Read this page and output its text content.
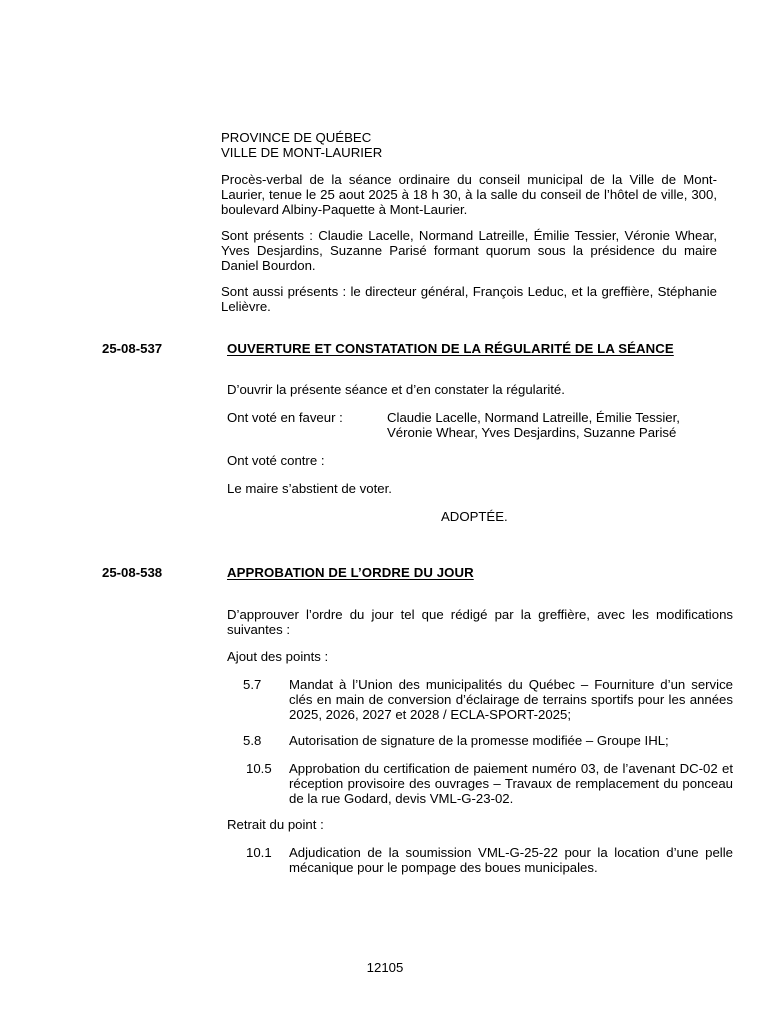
PROVINCE DE QUÉBEC
VILLE DE MONT-LAURIER

Procès-verbal de la séance ordinaire du conseil municipal de la Ville de Mont-Laurier, tenue le 25 aout 2025 à 18 h 30, à la salle du conseil de l’hôtel de ville, 300, boulevard Albiny-Paquette à Mont-Laurier.

Sont présents : Claudie Lacelle, Normand Latreille, Émilie Tessier, Véronie Whear, Yves Desjardins, Suzanne Parisé formant quorum sous la présidence du maire Daniel Bourdon.

Sont aussi présents : le directeur général, François Leduc, et la greffière, Stéphanie Lelièvre.

25-08-537	OUVERTURE ET CONSTATATION DE LA RÉGULARITÉ DE LA SÉANCE

D’ouvrir la présente séance et d’en constater la régularité.

Ont voté en faveur :	Claudie Lacelle, Normand Latreille, Émilie Tessier,
Véronie Whear, Yves Desjardins, Suzanne Parisé
Ont voté contre :
Le maire s’abstient de voter.
ADOPTÉE.
25-08-538	APPROBATION DE L’ORDRE DU JOUR

D’approuver l’ordre du jour tel que rédigé par la greffière, avec les modifications suivantes :

Ajout des points :
5.7 Mandat à l’Union des municipalités du Québec – Fourniture d’un service clés en main de conversion d’éclairage de terrains sportifs pour les années 2025, 2026, 2027 et 2028 / ECLA-SPORT-2025;
5.8 Autorisation de signature de la promesse modifiée – Groupe IHL;
10.5 Approbation du certification de paiement numéro 03, de l’avenant DC-02 et réception provisoire des ouvrages – Travaux de remplacement du ponceau de la rue Godard, devis VML-G-23-02.
Retrait du point :
10.1 Adjudication de la soumission VML-G-25-22 pour la location d’une pelle mécanique pour le pompage des boues municipales.
12105
